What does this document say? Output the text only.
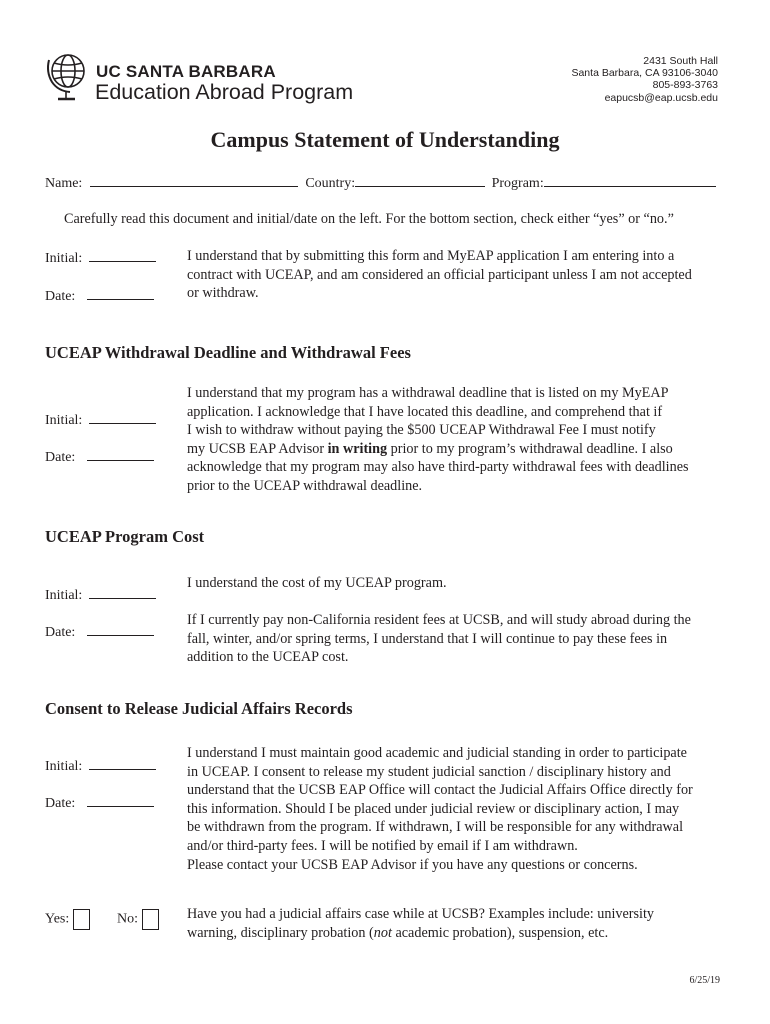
UC SANTA BARBARA
Education Abroad Program
2431 South Hall
Santa Barbara, CA 93106-3040
805-893-3763
eapucsb@eap.ucsb.edu
Campus Statement of Understanding
Name:	Country:	Program:
Carefully read this document and initial/date on the left. For the bottom section, check either “yes” or “no.”
Initial:
Date:
I understand that by submitting this form and MyEAP application I am entering into a
contract with UCEAP, and am considered an official participant unless I am not accepted
or withdraw.
UCEAP Withdrawal Deadline and Withdrawal Fees
Initial:
Date:
I understand that my program has a withdrawal deadline that is listed on my MyEAP
application. I acknowledge that I have located this deadline, and comprehend that if
I wish to withdraw without paying the $500 UCEAP Withdrawal Fee I must notify
my UCSB EAP Advisor in writing prior to my program’s withdrawal deadline. I also
acknowledge that my program may also have third-party withdrawal fees with deadlines
prior to the UCEAP withdrawal deadline.
UCEAP Program Cost
Initial:
Date:
I understand the cost of my UCEAP program.
If I currently pay non-California resident fees at UCSB, and will study abroad during the
fall, winter, and/or spring terms, I understand that I will continue to pay these fees in
addition to the UCEAP cost.
Consent to Release Judicial Affairs Records
Initial:
Date:
I understand I must maintain good academic and judicial standing in order to participate
in UCEAP. I consent to release my student judicial sanction / disciplinary history and
understand that the UCSB EAP Office will contact the Judicial Affairs Office directly for
this information. Should I be placed under judicial review or disciplinary action, I may
be withdrawn from the program. If withdrawn, I will be responsible for any withdrawal
and/or third-party fees. I will be notified by email if I am withdrawn.
Please contact your UCSB EAP Advisor if you have any questions or concerns.
Yes:	No:	Have you had a judicial affairs case while at UCSB? Examples include: university
warning, disciplinary probation (not academic probation), suspension, etc.
6/25/19
